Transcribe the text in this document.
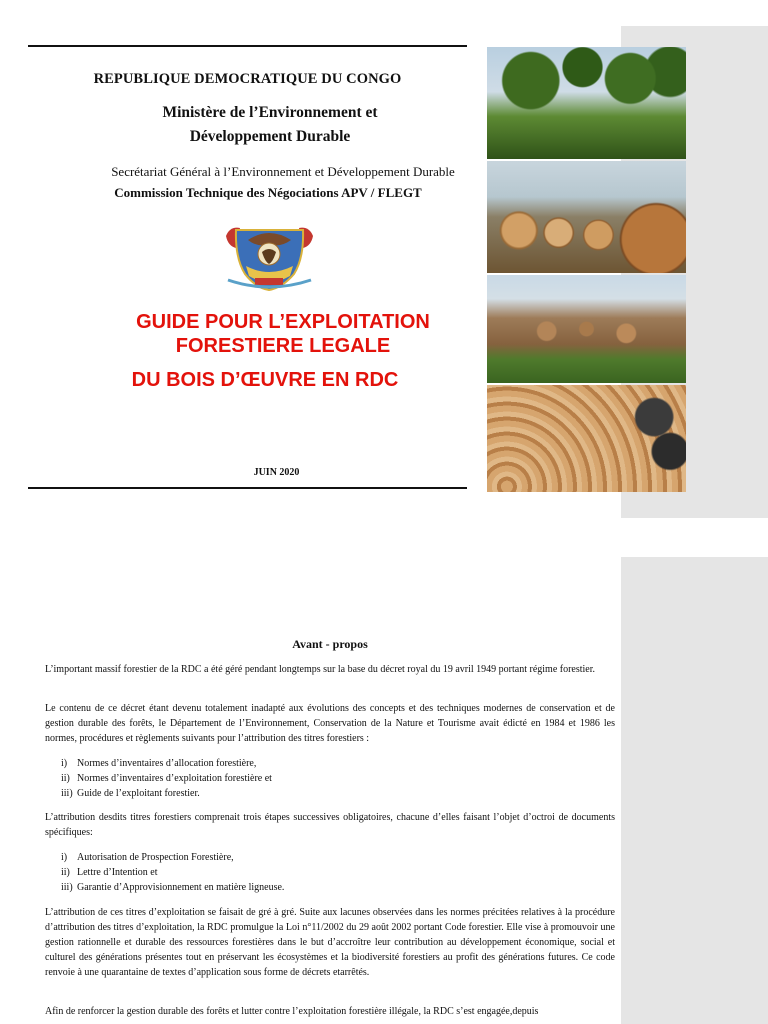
REPUBLIQUE DEMOCRATIQUE DU CONGO
Ministère de l’Environnement et
Développement Durable
Secrétariat Général à l’Environnement et Développement Durable
Commission Technique des Négociations APV / FLEGT
GUIDE POUR L’EXPLOITATION
FORESTIERE LEGALE
DU BOIS D’ŒUVRE EN RDC
JUIN 2020
Avant - propos
L’important massif forestier de la RDC a été géré pendant longtemps sur la base du décret royal du 19 avril 1949 portant régime forestier.
Le contenu de ce décret étant devenu totalement inadapté aux évolutions des concepts et des techniques modernes de conservation et de gestion durable des forêts, le Département de l’Environnement, Conservation de la Nature et Tourisme avait édicté en 1984 et 1986 les normes, procédures et règlements suivants pour l’attribution des titres forestiers :
i) Normes d’inventaires d’allocation forestière,
ii) Normes d’inventaires d’exploitation forestière et
iii) Guide de l’exploitant forestier.
L’attribution desdits titres forestiers comprenait trois étapes successives obligatoires, chacune d’elles faisant l’objet d’octroi de documents spécifiques:
i) Autorisation de Prospection Forestière,
ii) Lettre d’Intention et
iii) Garantie d’Approvisionnement en matière ligneuse.
L’attribution de ces titres d’exploitation se faisait de gré à gré. Suite aux lacunes observées dans les normes précitées relatives à la procédure d’attribution des titres d’exploitation, la RDC promulgue la Loi n°11/2002 du 29 août 2002 portant Code forestier. Elle vise à promouvoir une gestion rationnelle et durable des ressources forestières dans le but d’accroître leur contribution au développement économique, social et culturel des générations présentes tout en préservant les écosystèmes et la biodiversité forestiers au profit des générations futures. Ce code renvoie à une quarantaine de textes d’application sous forme de décrets etarrêtés.
Afin de renforcer la gestion durable des forêts et lutter contre l’exploitation forestière illégale, la RDC s’est engagée,depuis
